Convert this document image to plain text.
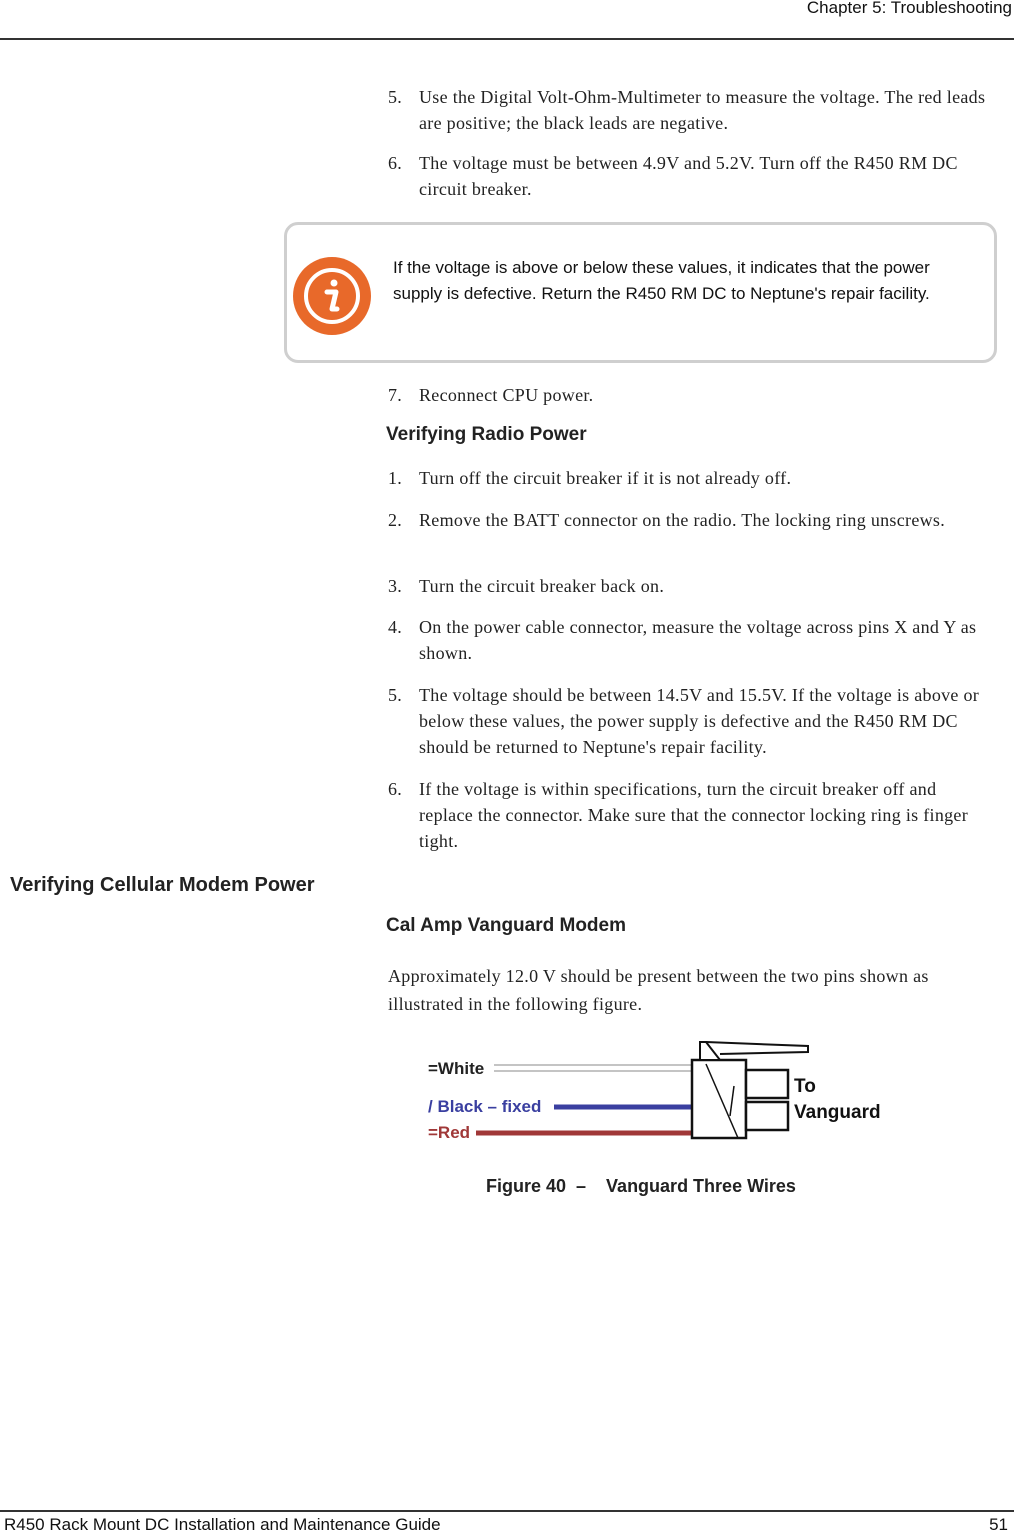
Chapter 5: Troubleshooting
5. Use the Digital Volt-Ohm-Multimeter to measure the voltage. The red leads are positive; the black leads are negative.
6. The voltage must be between 4.9V and 5.2V. Turn off the R450 RM DC circuit breaker.
If the voltage is above or below these values, it indicates that the power supply is defective. Return the R450 RM DC to Neptune's repair facility.
7. Reconnect CPU power.
Verifying Radio Power
1. Turn off the circuit breaker if it is not already off.
2. Remove the BATT connector on the radio. The locking ring unscrews.
3. Turn the circuit breaker back on.
4. On the power cable connector, measure the voltage across pins X and Y as shown.
5. The voltage should be between 14.5V and 15.5V. If the voltage is above or below these values, the power supply is defective and the R450 RM DC should be returned to Neptune's repair facility.
6. If the voltage is within specifications, turn the circuit breaker off and replace the connector. Make sure that the connector locking ring is finger tight.
Verifying Cellular Modem Power
Cal Amp Vanguard Modem
Approximately 12.0 V should be present between the two pins shown as illustrated in the following figure.
=White
/ Black – fixed
=Red
To
Vanguard
Figure 40  –    Vanguard Three Wires
R450 Rack Mount DC Installation and Maintenance Guide	51
